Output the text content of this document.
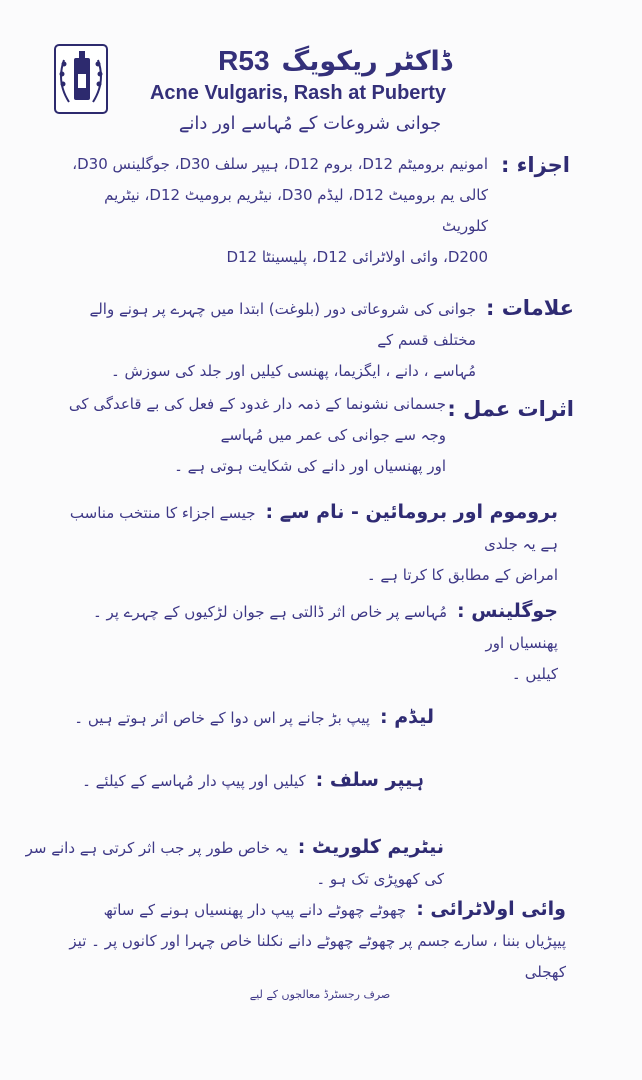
ڈاکٹر ریکویگ
R53
Acne Vulgaris, Rash at Puberty
جوانی شروعات کے مُہاسے اور دانے
اجزاء :
امونیم برومیٹم D12، بروم D12، ہیپر سلف D30، جوگلینس D30،
کالی یم برومیٹ D12، لیڈم D30، نیٹریم برومیٹ D12، نیٹریم کلوریٹ
D200، وائی اولاٹرائی D12، پلیسینٹا D12
علامات :
جوانی کی شروعاتی دور (بلوغت) ابتدا میں چہرے پر ہونے والے مختلف قسم کے
مُہاسے ، دانے ، ایگزیما، پھنسی کیلیں اور جلد کی سوزش ۔
اثرات عمل :
جسمانی نشونما کے ذمہ دار غدود کے فعل کی بے قاعدگی کی وجہ سے جوانی کی عمر میں مُہاسے
اور پھنسیاں اور دانے کی شکایت ہوتی ہے ۔
بروموم اور برومائین - نام سے :جیسے اجزاء کا منتخب مناسب ہے یہ جلدی
امراض کے مطابق کا کرتا ہے ۔
جوگلینس :مُہاسے پر خاص اثر ڈالتی ہے جوان لڑکیوں کے چہرے پر ۔ پھنسیاں اور
کیلیں ۔
لیڈم :پیپ بڑ جانے پر اس دوا کے خاص اثر ہوتے ہیں ۔
ہیپر سلف :کیلیں اور پیپ دار مُہاسے کے کیلئے ۔
نیٹریم کلوریٹ :یہ خاص طور پر جب اثر کرتی ہے دانے سر کی کھوپڑی تک ہو ۔
وائی اولاٹرائی :چھوٹے چھوٹے دانے پیپ دار پھنسیاں ہونے کے ساتھ
پیپڑیاں بننا ، سارے جسم پر چھوٹے چھوٹے دانے نکلنا خاص چہرا اور کانوں پر ۔ تیز کھجلی
صرف رجسٹرڈ معالجوں کے لیے
